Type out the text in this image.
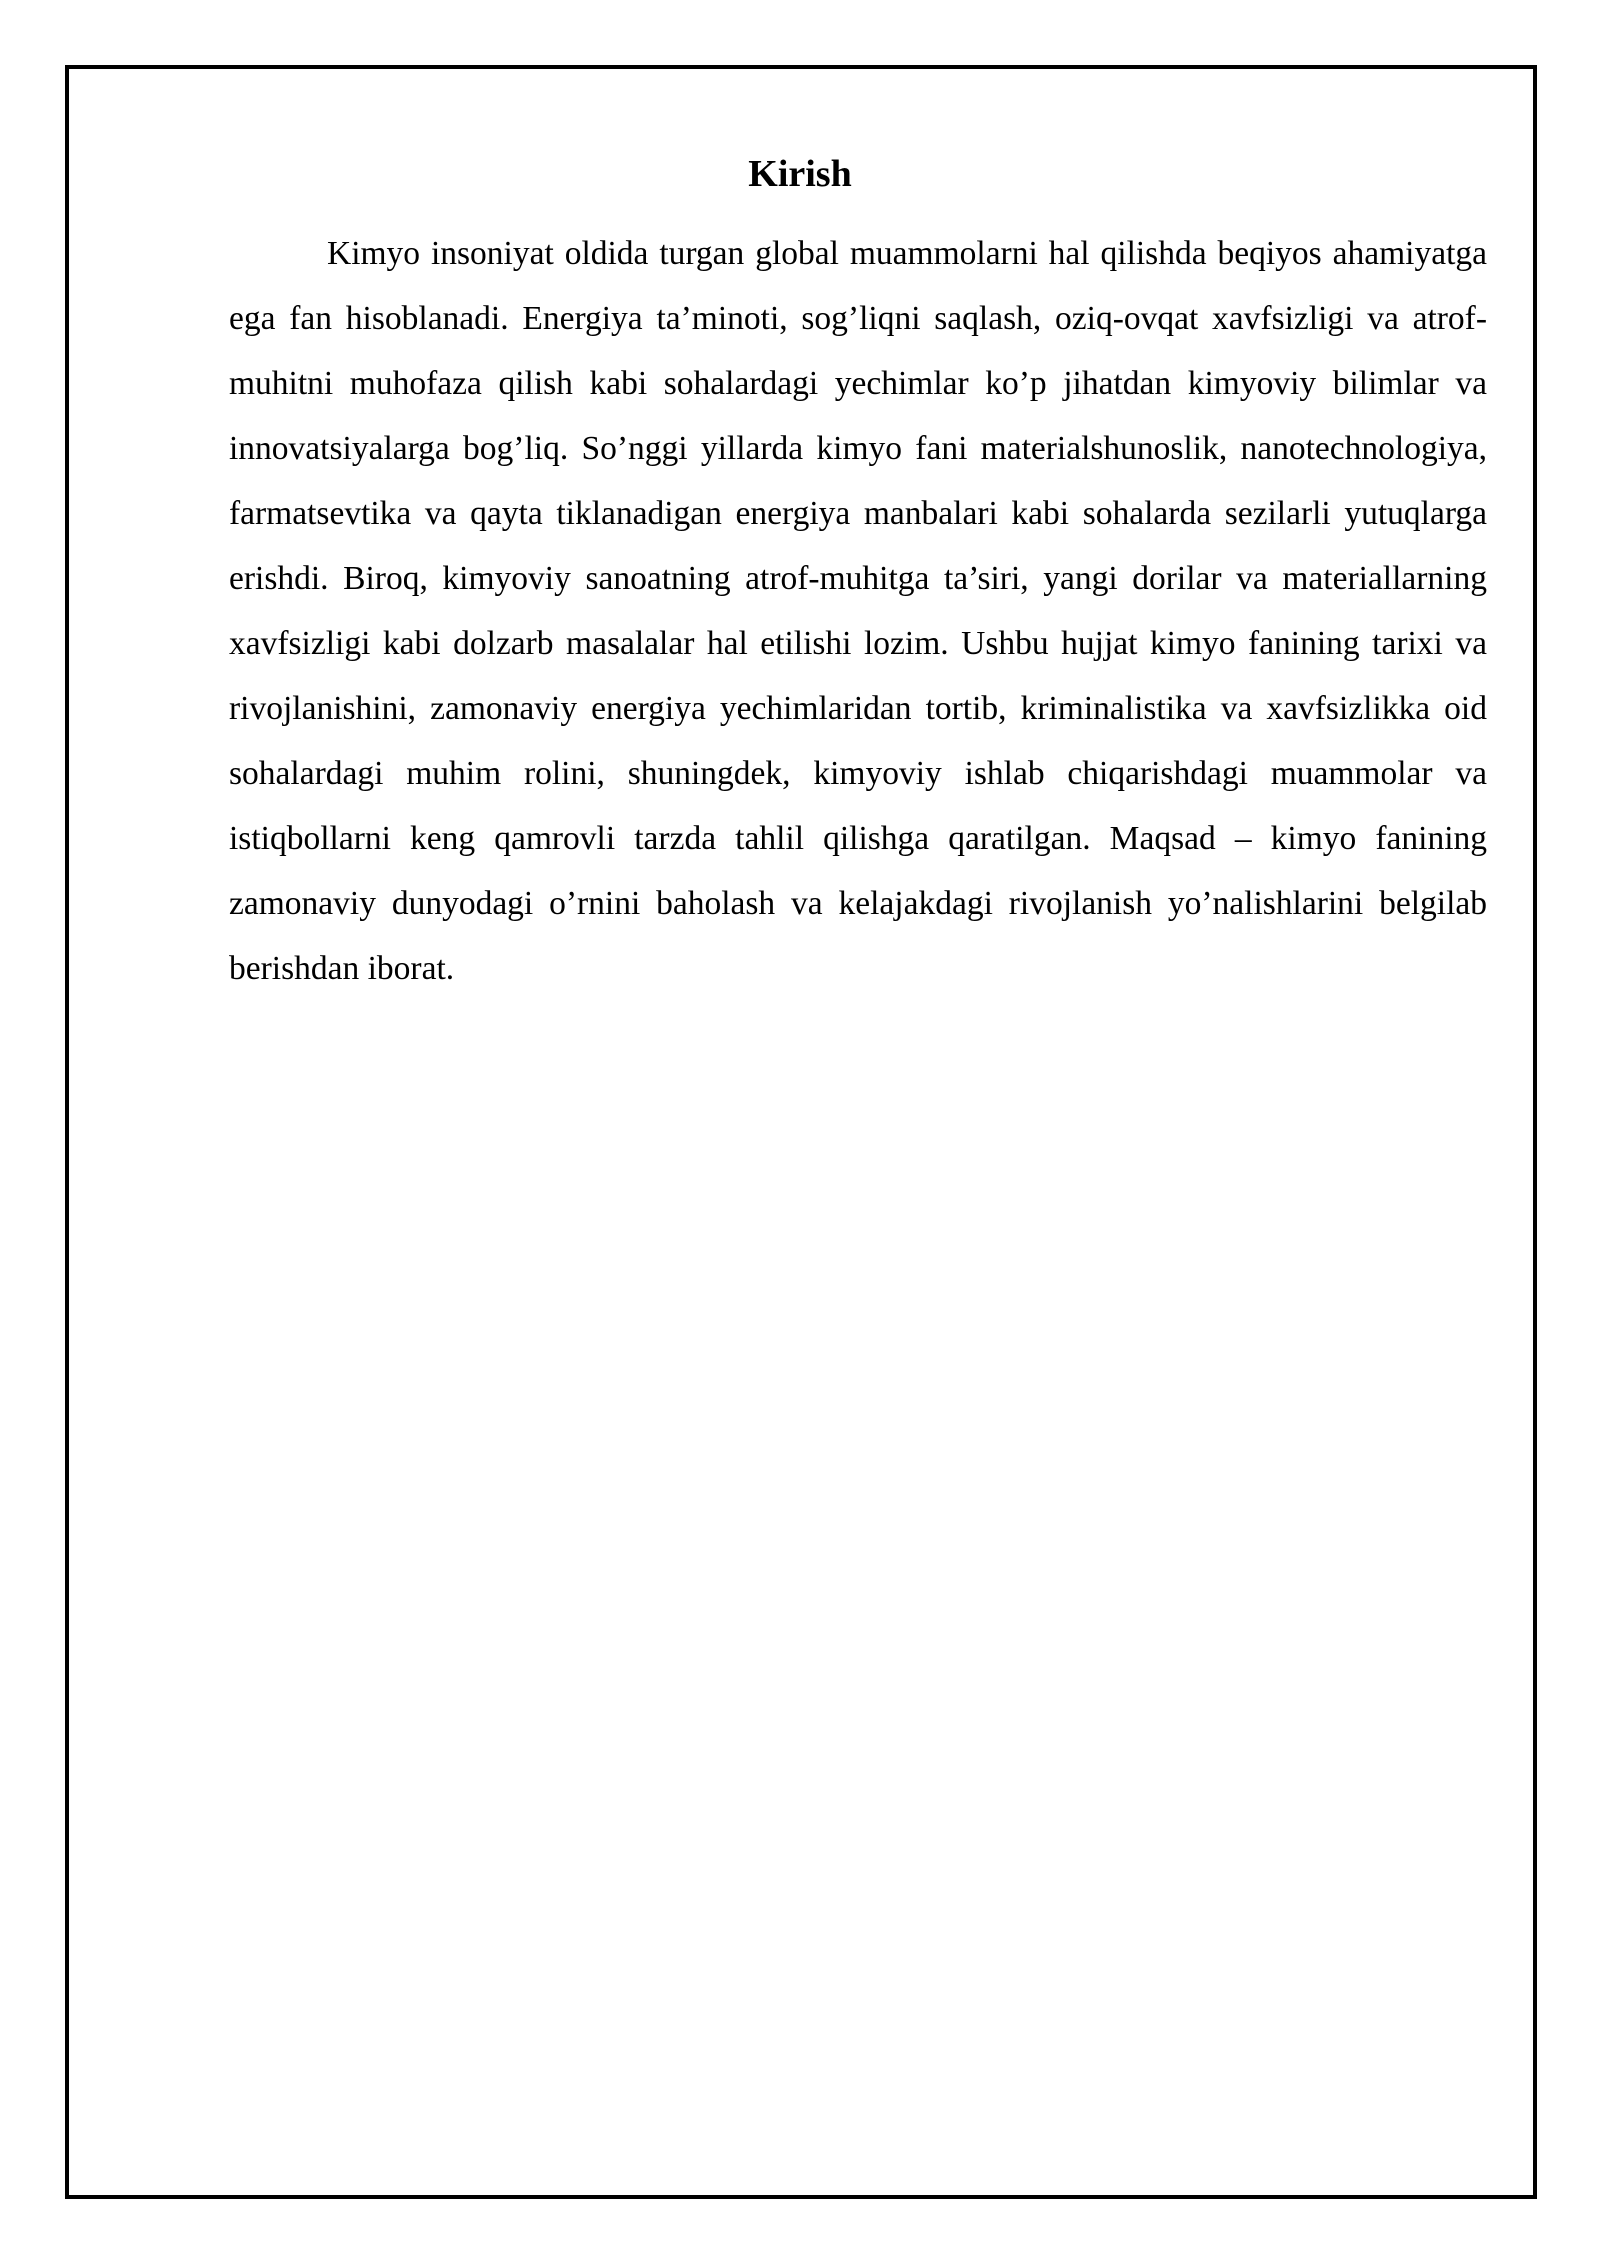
Kirish

Kimyo insoniyat oldida turgan global muammolarni hal qilishda beqiyos ahamiyatga ega fan hisoblanadi. Energiya ta’minoti, sog’liqni saqlash, oziq-ovqat xavfsizligi va atrof-muhitni muhofaza qilish kabi sohalardagi yechimlar ko’p jihatdan kimyoviy bilimlar va innovatsiyalarga bog’liq. So’nggi yillarda kimyo fani materialshunoslik, nanotechnologiya, farmatsevtika va qayta tiklanadigan energiya manbalari kabi sohalarda sezilarli yutuqlarga erishdi. Biroq, kimyoviy sanoatning atrof-muhitga ta’siri, yangi dorilar va materiallarning xavfsizligi kabi dolzarb masalalar hal etilishi lozim. Ushbu hujjat kimyo fanining tarixi va rivojlanishini, zamonaviy energiya yechimlaridan tortib, kriminalistika va xavfsizlikka oid sohalardagi muhim rolini, shuningdek, kimyoviy ishlab chiqarishdagi muammolar va istiqbollarni keng qamrovli tarzda tahlil qilishga qaratilgan. Maqsad – kimyo fanining zamonaviy dunyodagi o’rnini baholash va kelajakdagi rivojlanish yo’nalishlarini belgilab berishdan iborat.
